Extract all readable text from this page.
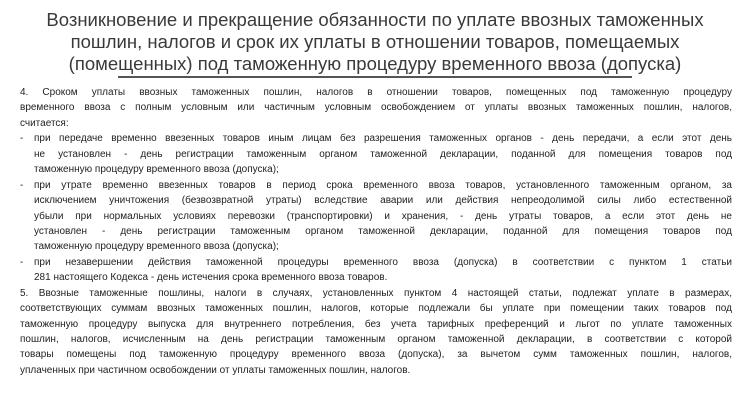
Возникновение и прекращение обязанности по уплате ввозных таможенных
пошлин, налогов и срок их уплаты в отношении товаров, помещаемых
(помещенных) под таможенную процедуру временного ввоза (допуска)
4. Сроком уплаты ввозных таможенных пошлин, налогов в отношении товаров, помещенных под таможенную процедуру
временного ввоза с полным условным или частичным условным освобождением от уплаты ввозных таможенных пошлин, налогов,
считается:
- при передаче временно ввезенных товаров иным лицам без разрешения таможенных органов - день передачи, а если этот день
не установлен - день регистрации таможенным органом таможенной декларации, поданной для помещения товаров под
таможенную процедуру временного ввоза (допуска);
- при утрате временно ввезенных товаров в период срока временного ввоза товаров, установленного таможенным органом, за
исключением уничтожения (безвозвратной утраты) вследствие аварии или действия непреодолимой силы либо естественной
убыли при нормальных условиях перевозки (транспортировки) и хранения, - день утраты товаров, а если этот день не
установлен - день регистрации таможенным органом таможенной декларации, поданной для помещения товаров под
таможенную процедуру временного ввоза (допуска);
- при незавершении действия таможенной процедуры временного ввоза (допуска) в соответствии с пунктом 1 статьи
281 настоящего Кодекса - день истечения срока временного ввоза товаров.
5. Ввозные таможенные пошлины, налоги в случаях, установленных пунктом 4 настоящей статьи, подлежат уплате в размерах,
соответствующих суммам ввозных таможенных пошлин, налогов, которые подлежали бы уплате при помещении таких товаров под
таможенную процедуру выпуска для внутреннего потребления, без учета тарифных преференций и льгот по уплате таможенных
пошлин, налогов, исчисленным на день регистрации таможенным органом таможенной декларации, в соответствии с которой
товары помещены под таможенную процедуру временного ввоза (допуска), за вычетом сумм таможенных пошлин, налогов,
уплаченных при частичном освобождении от уплаты таможенных пошлин, налогов.
